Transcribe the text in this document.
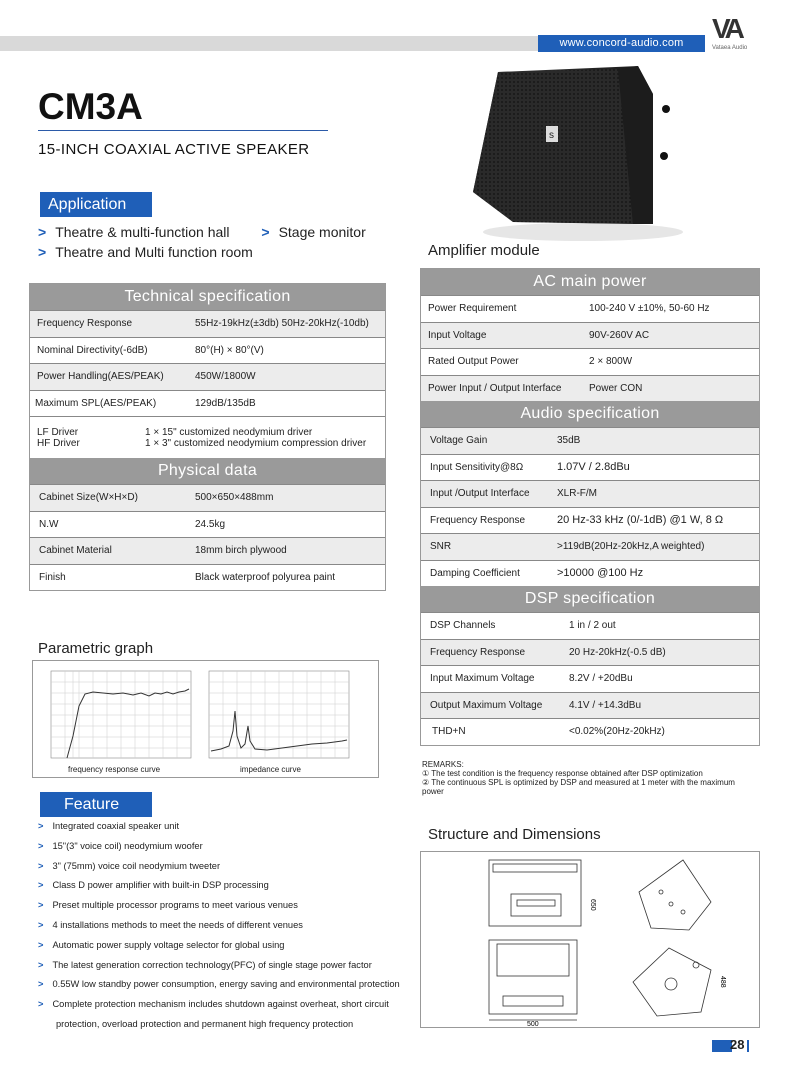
www.concord-audio.com	VA
Vataea Audio
CM3A
15-INCH COAXIAL ACTIVE SPEAKER
s
Application
> Theatre & multi-function hall > Stage monitor
> Theatre and Multi function room
Technical specification
Frequency Response	55Hz-19kHz(±3db) 50Hz-20kHz(-10db)
Nominal Directivity(-6dB)	80°(H) × 80°(V)
Power Handling(AES/PEAK)	450W/1800W
Maximum SPL(AES/PEAK)	129dB/135dB
LF Driver	1 × 15" customized neodymium driver
HF Driver	1 × 3" customized neodymium compression driver
Physical data
Cabinet Size(W×H×D)	500×650×488mm
N.W	24.5kg
Cabinet Material	18mm birch plywood
Finish	Black waterproof polyurea paint
Amplifier module
AC main power
Power Requirement	100-240 V ±10%, 50-60 Hz
Input Voltage	90V-260V AC
Rated Output Power	2 × 800W
Power Input / Output Interface	Power CON
Audio specification
Voltage Gain	35dB
Input Sensitivity@8Ω	1.07V / 2.8dBu
Input /Output Interface	XLR-F/M
Frequency Response	20 Hz-33 kHz (0/-1dB) @1 W, 8 Ω
SNR	>119dB(20Hz-20kHz,A weighted)
Damping Coefficient	>10000 @100 Hz
DSP specification
DSP Channels	1 in / 2 out
Frequency Response	20 Hz-20kHz(-0.5 dB)
Input Maximum Voltage	8.2V / +20dBu
Output Maximum Voltage	4.1V / +14.3dBu
THD+N	<0.02%(20Hz-20kHz)
REMARKS:
① The test condition is the frequency response obtained after DSP optimization
② The continuous SPL is optimized by DSP and measured at 1 meter with the maximum power
Parametric graph
frequency response curve	impedance curve
Feature
> Integrated coaxial speaker unit
> 15"(3" voice coil) neodymium woofer
> 3" (75mm) voice coil neodymium tweeter
> Class D power amplifier with built-in DSP processing
> Preset multiple processor programs to meet various venues
> 4 installations methods to meet the needs of different venues
> Automatic power supply voltage selector for global using
> The latest generation correction technology(PFC) of single stage power factor
> 0.55W low standby power consumption, energy saving and environmental protection
> Complete protection mechanism includes shutdown against overheat, short circuit
protection, overload protection and permanent high frequency protection
Structure and Dimensions
650
500
488
28
